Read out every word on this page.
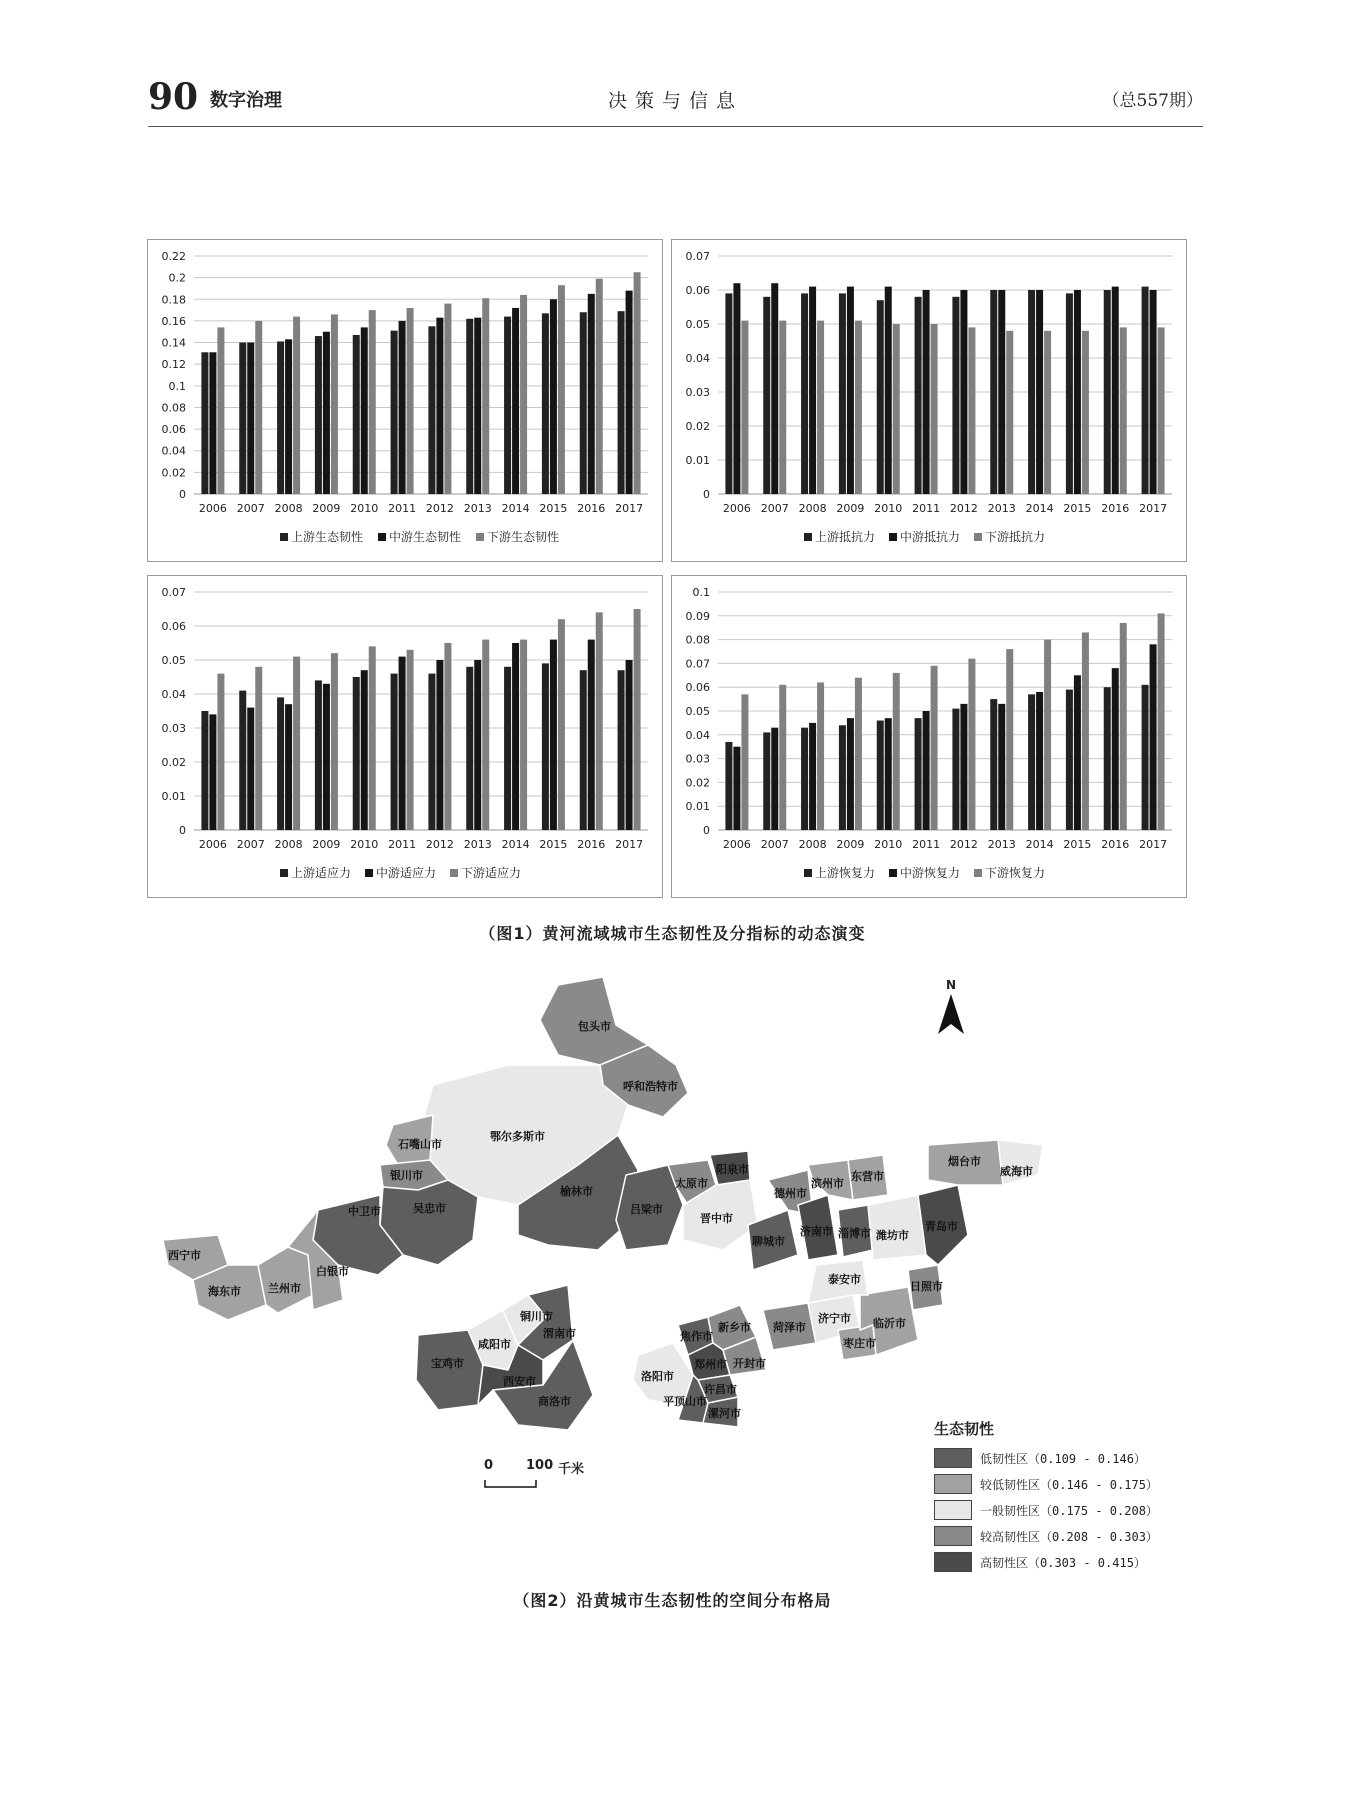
90 数字治理	决策与信息	（总557期）
0
0.02
0.04
0.06
0.08
0.1
0.12
0.14
0.16
0.18
0.2
0.22
2006 2007 2008 2009 2010 2011 2012 2013 2014 2015 2016 2017
上游生态韧性 中游生态韧性 下游生态韧性
0
0.01
0.02
0.03
0.04
0.05
0.06
0.07
2006 2007 2008 2009 2010 2011 2012 2013 2014 2015 2016 2017
上游抵抗力 中游抵抗力 下游抵抗力
0
0.01
0.02
0.03
0.04
0.05
0.06
0.07
2006 2007 2008 2009 2010 2011 2012 2013 2014 2015 2016 2017
上游适应力 中游适应力 下游适应力
0
0.01
0.02
0.03
0.04
0.05
0.06
0.07
0.08
0.09
0.1
2006 2007 2008 2009 2010 2011 2012 2013 2014 2015 2016 2017
上游恢复力 中游恢复力 下游恢复力
（图1）黄河流域城市生态韧性及分指标的动态演变
包头市
呼和浩特市
鄂尔多斯市
石嘴山市
银川市
吴忠市
中卫市
榆林市
吕梁市
太原市
阳泉市
晋中市
西宁市
海东市 兰州市
白银市
铜川市
渭南市
咸阳市
宝鸡市
西安市
商洛市
焦作市
新乡市
郑州市 开封市
许昌市
平顶山市
漯河市
洛阳市
菏泽市
济宁市
枣庄市
临沂市
日照市
泰安市
聊城市
德州市
滨州市
东营市
济南市 淄博市 潍坊市
青岛市
烟台市
威海市
N
0	100 千米
生态韧性
低韧性区（0.109 - 0.146）
较低韧性区（0.146 - 0.175）
一般韧性区（0.175 - 0.208）
较高韧性区（0.208 - 0.303）
高韧性区（0.303 - 0.415）
（图2）沿黄城市生态韧性的空间分布格局
